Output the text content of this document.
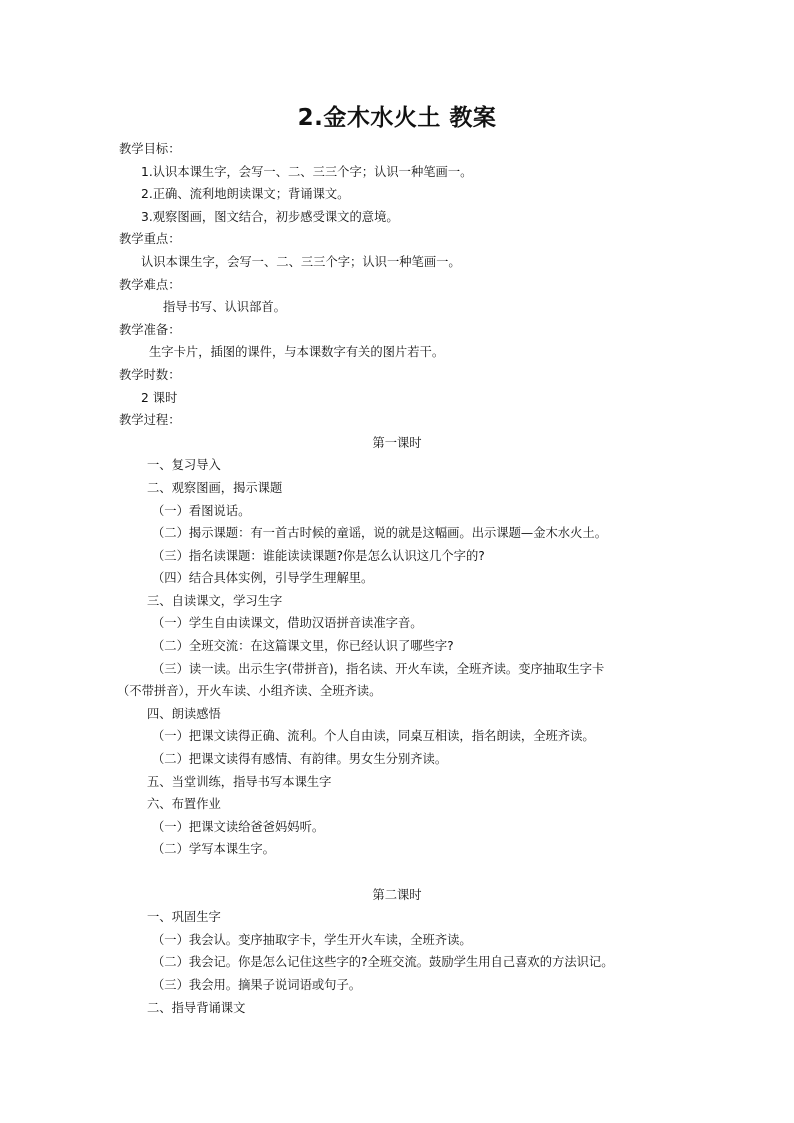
2.金木水火土 教案
教学目标：
1.认识本课生字，会写一、二、三三个字；认识一种笔画一。
2.正确、流利地朗读课文；背诵课文。
3.观察图画，图文结合，初步感受课文的意境。
教学重点：
认识本课生字，会写一、二、三三个字；认识一种笔画一。
教学难点：
指导书写、认识部首。
教学准备：
生字卡片，插图的课件，与本课数字有关的图片若干。
教学时数：
2 课时
教学过程：
第一课时
一、复习导入
二、观察图画，揭示课题
（一）看图说话。
（二）揭示课题：有一首古时候的童谣，说的就是这幅画。出示课题—金木水火土。
（三）指名读课题：谁能读读课题?你是怎么认识这几个字的?
（四）结合具体实例，引导学生理解里。
三、自读课文，学习生字
（一）学生自由读课文，借助汉语拼音读准字音。
（二）全班交流：在这篇课文里，你已经认识了哪些字?
（三）读一读。出示生字(带拼音)，指名读、开火车读，全班齐读。变序抽取生字卡
（不带拼音），开火车读、小组齐读、全班齐读。
四、朗读感悟
（一）把课文读得正确、流利。个人自由读，同桌互相读，指名朗读，全班齐读。
（二）把课文读得有感情、有韵律。男女生分别齐读。
五、当堂训练，指导书写本课生字
六、布置作业
（一）把课文读给爸爸妈妈听。
（二）学写本课生字。
第二课时
一、巩固生字
（一）我会认。变序抽取字卡，学生开火车读，全班齐读。
（二）我会记。你是怎么记住这些字的?全班交流。鼓励学生用自己喜欢的方法识记。
（三）我会用。摘果子说词语或句子。
二、指导背诵课文
